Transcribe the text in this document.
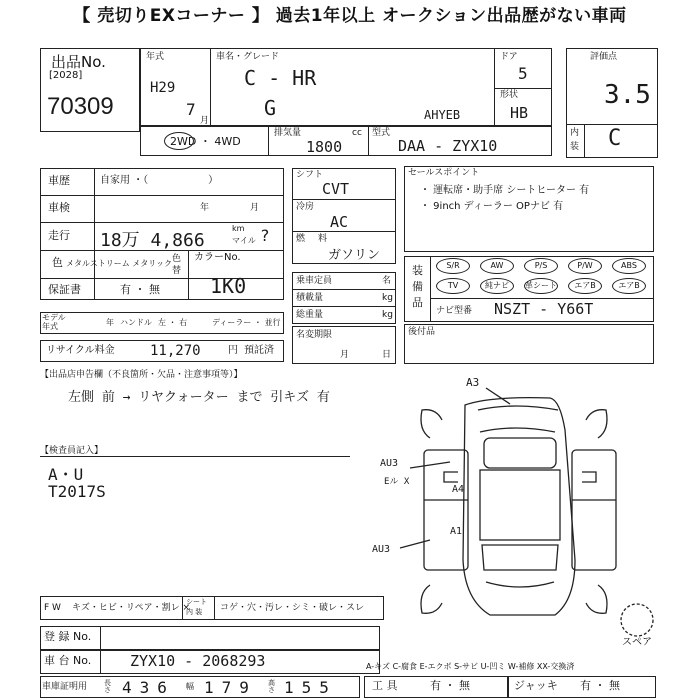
【 売切りEXコーナー 】 過去1年以上 オークション出品歴がない車両
出品No.
[2028]
70309
年式
H29
7
月
車名・グレード
C - HR
G	AHYEB
ドア
5
形状
HB
評価点
3.5
内
装 C
2WD ・ 4WD
排気量	cc
1800
型式
DAA - ZYX10
車歴	自家用 ・（　　　　　　）
車検	年	月
走行 18万 4,866
km
マイル ?
色 メタルストリーム メタリック 色
替
カラーNo.
1K0
保証書	有 ・ 無
モデル
年式	年 ハンドル 左 ・ 右	ディーラー ・ 並行
リサイクル料金	11,270	円 預託済
シフト
CVT
冷房
AC
燃 料
ガソリン
乗車定員	名
積載量	kg
総重量	kg
名変期限
月	日
セールスポイント
・ 運転席・助手席 シートヒーター 有
・ 9inch ディーラー OPナビ 有
装
備
品
S/R	AW	P/S	P/W	ABS
TV	純ナビ	革シート	エアB	エアB
ナビ型番 NSZT - Y66T
後付品
【出品店申告欄（不良箇所・欠品・注意事項等）】
左側 前 → リヤクォーター まで 引キズ 有
【検査員記入】
A・U
T2017S
A3
AU3
Eル X
A4
A1
AU3
スペア
F W キズ・ヒビ・リペア・割レ ×
シート
内 装 コゲ・穴・汚レ・シミ・破レ・スレ
登 録 No.
車 台 No.	ZYX10 - 2068293	A-キズ C-腐食 E-エクボ S-サビ U-凹ミ W-補修 XX-交換済
車庫証明用 長さ 436 幅 179 高さ 155	工 具	有 ・ 無	ジャッキ 有 ・ 無
